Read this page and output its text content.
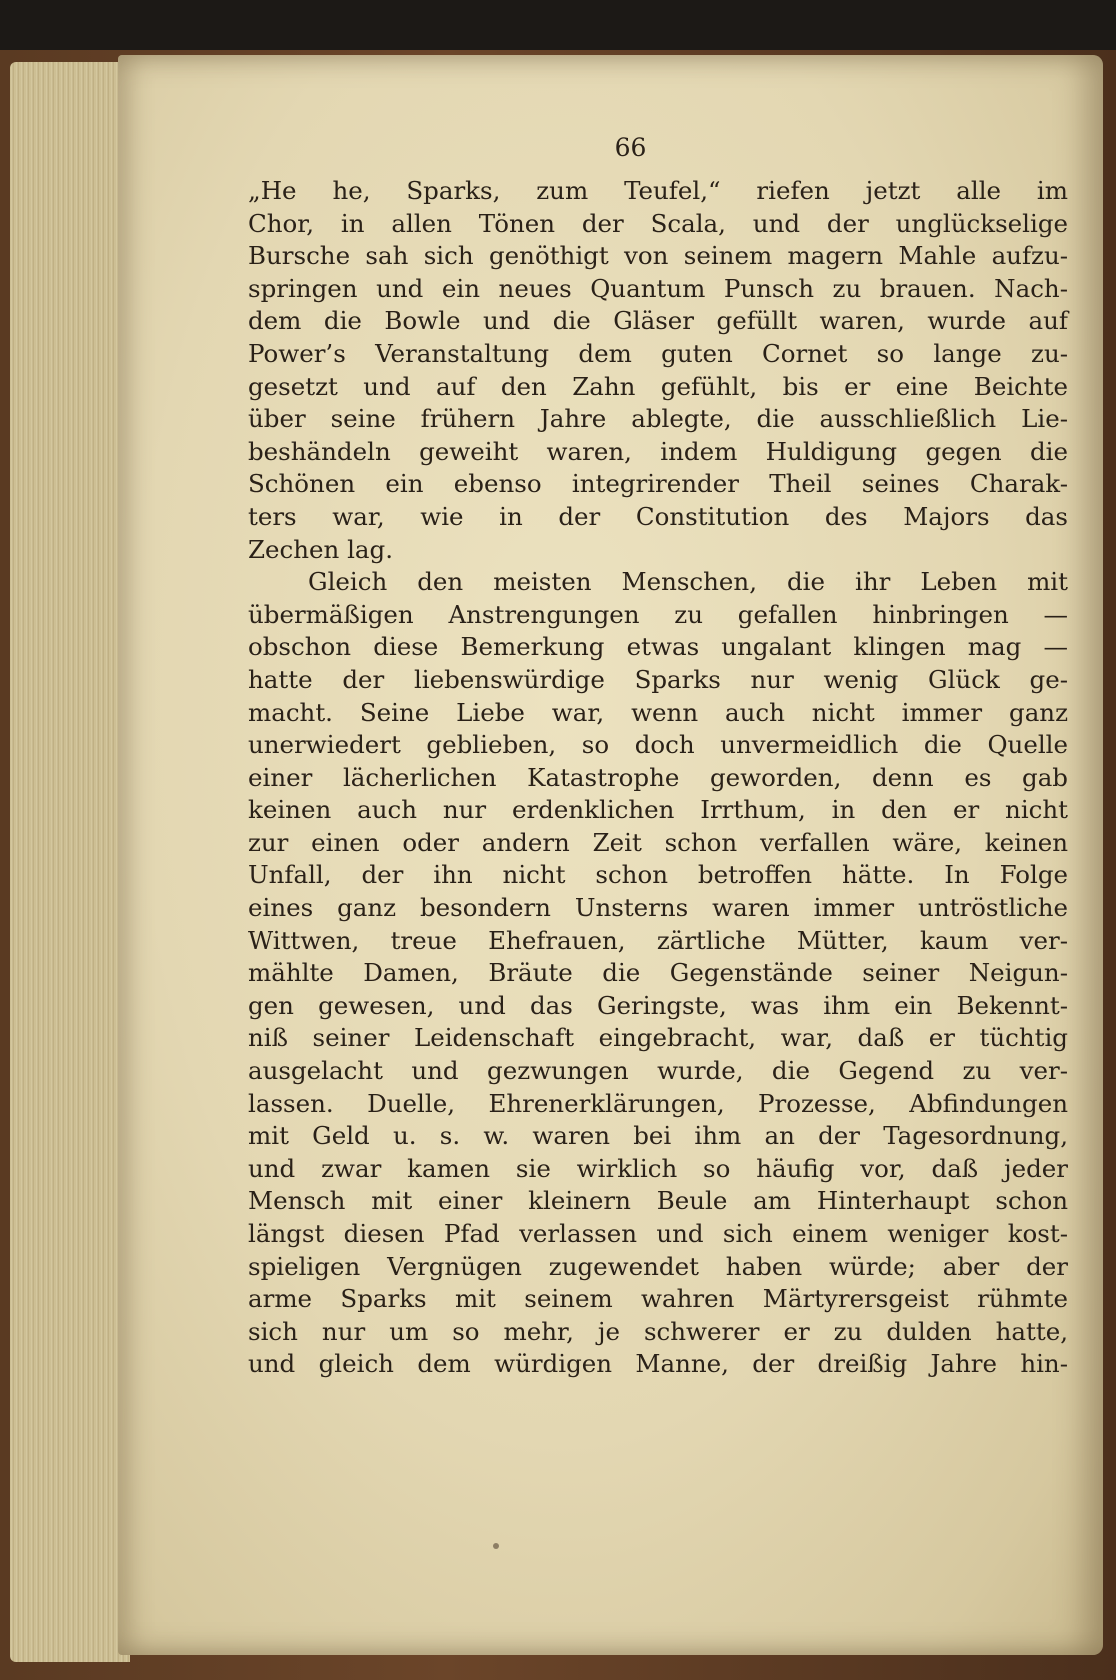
66

„He he, Sparks, zum Teufel,“ riefen jetzt alle im
Chor, in allen Tönen der Scala, und der unglückselige
Bursche sah sich genöthigt von seinem magern Mahle aufzu-
springen und ein neues Quantum Punsch zu brauen. Nach-
dem die Bowle und die Gläser gefüllt waren, wurde auf
Power’s Veranstaltung dem guten Cornet so lange zu-
gesetzt und auf den Zahn gefühlt, bis er eine Beichte
über seine frühern Jahre ablegte, die ausschließlich Lie-
beshändeln geweiht waren, indem Huldigung gegen die
Schönen ein ebenso integrirender Theil seines Charak-
ters war, wie in der Constitution des Majors das
Zechen lag.
Gleich den meisten Menschen, die ihr Leben mit
übermäßigen Anstrengungen zu gefallen hinbringen —
obschon diese Bemerkung etwas ungalant klingen mag —
hatte der liebenswürdige Sparks nur wenig Glück ge-
macht. Seine Liebe war, wenn auch nicht immer ganz
unerwiedert geblieben, so doch unvermeidlich die Quelle
einer lächerlichen Katastrophe geworden, denn es gab
keinen auch nur erdenklichen Irrthum, in den er nicht
zur einen oder andern Zeit schon verfallen wäre, keinen
Unfall, der ihn nicht schon betroffen hätte. In Folge
eines ganz besondern Unsterns waren immer untröstliche
Wittwen, treue Ehefrauen, zärtliche Mütter, kaum ver-
mählte Damen, Bräute die Gegenstände seiner Neigun-
gen gewesen, und das Geringste, was ihm ein Bekennt-
niß seiner Leidenschaft eingebracht, war, daß er tüchtig
ausgelacht und gezwungen wurde, die Gegend zu ver-
lassen. Duelle, Ehrenerklärungen, Prozesse, Abfindungen
mit Geld u. s. w. waren bei ihm an der Tagesordnung,
und zwar kamen sie wirklich so häufig vor, daß jeder
Mensch mit einer kleinern Beule am Hinterhaupt schon
längst diesen Pfad verlassen und sich einem weniger kost-
spieligen Vergnügen zugewendet haben würde; aber der
arme Sparks mit seinem wahren Märtyrersgeist rühmte
sich nur um so mehr, je schwerer er zu dulden hatte,
und gleich dem würdigen Manne, der dreißig Jahre hin-
